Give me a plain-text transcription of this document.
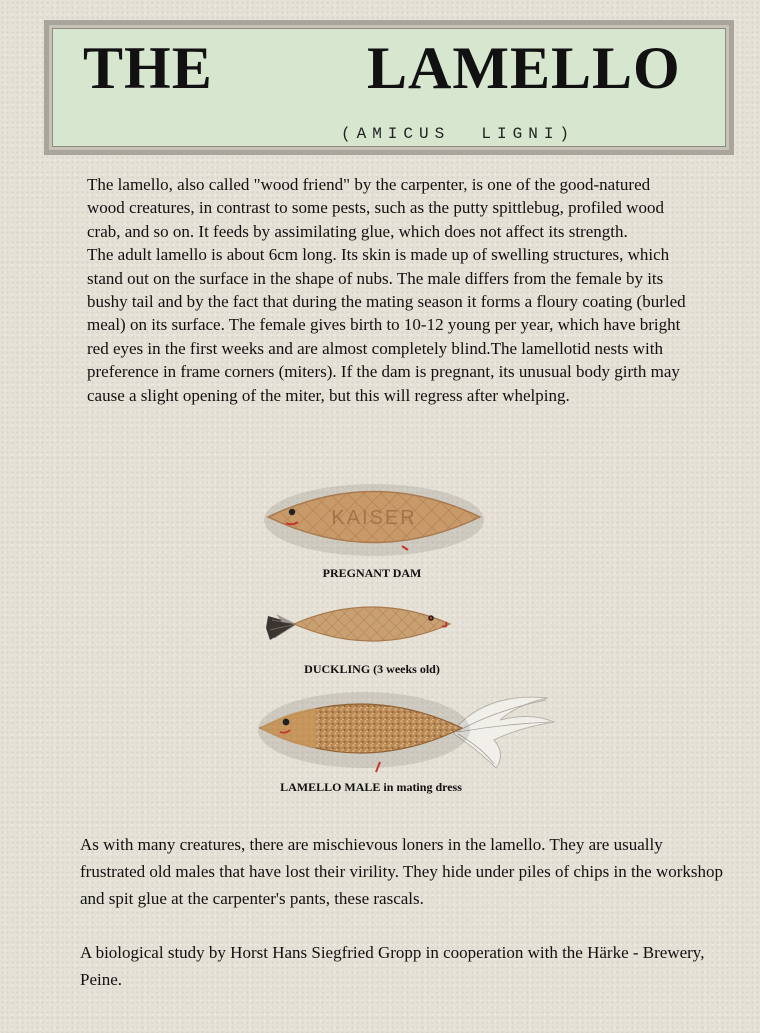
THE	LAMELLO

(AMICUS  LIGNI)

The lamello, also called "wood friend" by the carpenter, is one of the good-natured wood creatures, in contrast to some pests, such as the putty spittlebug, profiled wood crab, and so on. It feeds by assimilating glue, which does not affect its strength.

The adult lamello is about 6cm long. Its skin is made up of swelling structures, which stand out on the surface in the shape of nubs. The male differs from the female by its bushy tail and by the fact that during the mating season it forms a floury coating (burled meal) on its surface. The female gives birth to 10-12 young per year, which have bright red eyes in the first weeks and are almost completely blind.The lamellotid nests with preference in frame corners (miters). If the dam is pregnant, its unusual body girth may cause a slight opening of the miter, but this will regress after whelping.

KAISER

PREGNANT DAM

DUCKLING (3 weeks old)

LAMELLO MALE in mating dress

As with many creatures, there are mischievous loners in the lamello. They are usually frustrated old males that have lost their virility. They hide under piles of chips in the workshop and spit glue at the carpenter's pants, these rascals.

A biological study by Horst Hans Siegfried Gropp in cooperation with the Härke - Brewery, Peine.
